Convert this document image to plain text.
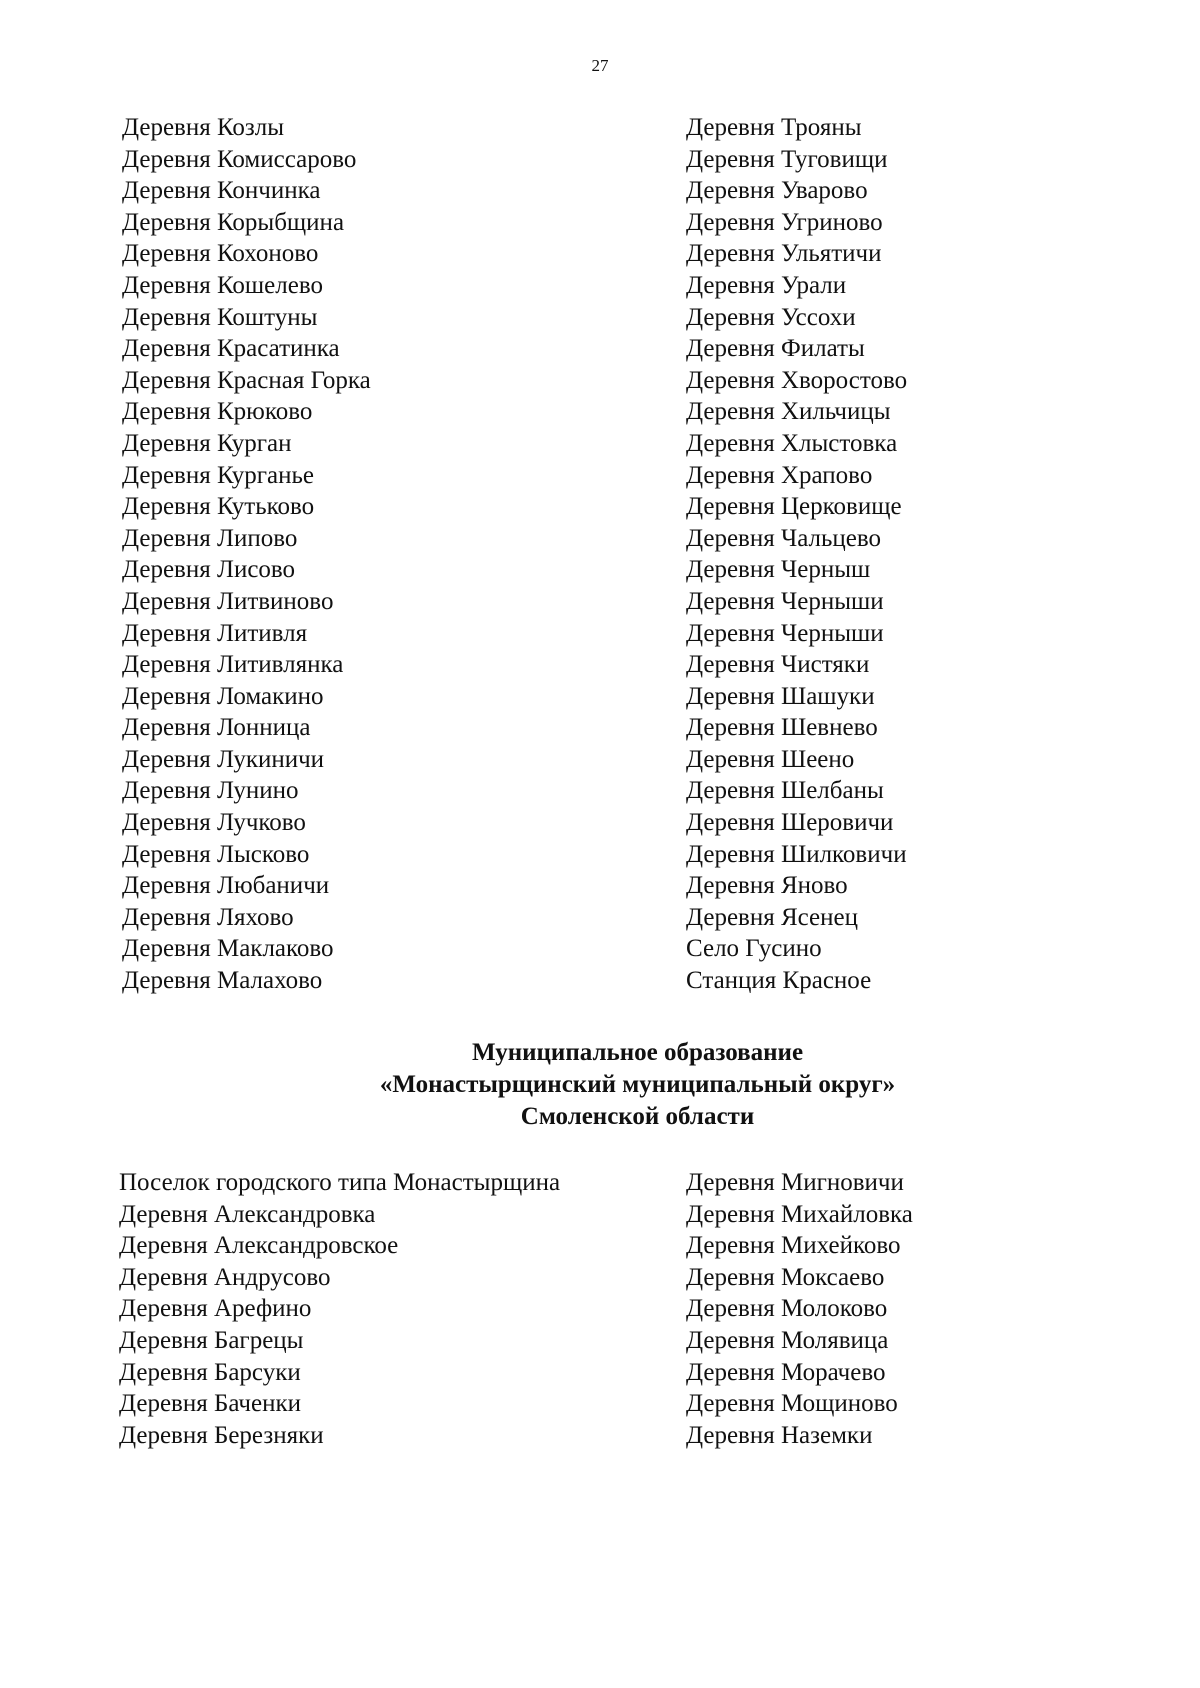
27
Деревня Козлы
Деревня Комиссарово
Деревня Кончинка
Деревня Корыбщина
Деревня Кохоново
Деревня Кошелево
Деревня Коштуны
Деревня Красатинка
Деревня Красная Горка
Деревня Крюково
Деревня Курган
Деревня Курганье
Деревня Кутьково
Деревня Липово
Деревня Лисово
Деревня Литвиново
Деревня Литивля
Деревня Литивлянка
Деревня Ломакино
Деревня Лонница
Деревня Лукиничи
Деревня Лунино
Деревня Лучково
Деревня Лысково
Деревня Любаничи
Деревня Ляхово
Деревня Маклаково
Деревня Малахово
Деревня Трояны
Деревня Туговищи
Деревня Уварово
Деревня Угриново
Деревня Ульятичи
Деревня Урали
Деревня Уссохи
Деревня Филаты
Деревня Хворостово
Деревня Хильчицы
Деревня Хлыстовка
Деревня Храпово
Деревня Церковище
Деревня Чальцево
Деревня Черныш
Деревня Черныши
Деревня Черныши
Деревня Чистяки
Деревня Шашуки
Деревня Шевнево
Деревня Шеено
Деревня Шелбаны
Деревня Шеровичи
Деревня Шилковичи
Деревня Яново
Деревня Ясенец
Село Гусино
Станция Красное
Муниципальное образование
«Монастырщинский муниципальный округ»
Смоленской области
Поселок городского типа Монастырщина
Деревня Александровка
Деревня Александровское
Деревня Андрусово
Деревня Арефино
Деревня Багрецы
Деревня Барсуки
Деревня Баченки
Деревня Березняки
Деревня Мигновичи
Деревня Михайловка
Деревня Михейково
Деревня Моксаево
Деревня Молоково
Деревня Молявица
Деревня Морачево
Деревня Мощиново
Деревня Наземки
